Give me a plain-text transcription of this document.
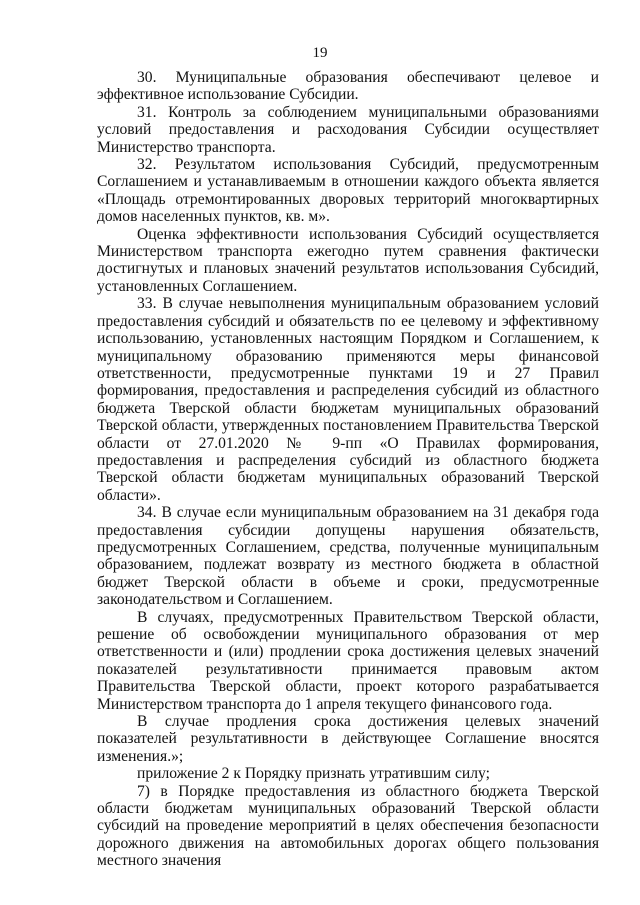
19

30. Муниципальные образования обеспечивают целевое и эффективное использование Субсидии.

31. Контроль за соблюдением муниципальными образованиями условий предоставления и расходования Субсидии осуществляет Министерство транспорта.

32. Результатом использования Субсидий, предусмотренным Соглашением и устанавливаемым в отношении каждого объекта является «Площадь отремонтированных дворовых территорий многоквартирных домов населенных пунктов, кв. м».

Оценка эффективности использования Субсидий осуществляется Министерством транспорта ежегодно путем сравнения фактически достигнутых и плановых значений результатов использования Субсидий, установленных Соглашением.

33. В случае невыполнения муниципальным образованием условий предоставления субсидий и обязательств по ее целевому и эффективному использованию, установленных настоящим Порядком и Соглашением, к муниципальному образованию применяются меры финансовой ответственности, предусмотренные пунктами 19 и 27 Правил формирования, предоставления и распределения субсидий из областного бюджета Тверской области бюджетам муниципальных образований Тверской области, утвержденных постановлением Правительства Тверской области от 27.01.2020 № 9-пп «О Правилах формирования, предоставления и распределения субсидий из областного бюджета Тверской области бюджетам муниципальных образований Тверской области».

34. В случае если муниципальным образованием на 31 декабря года предоставления субсидии допущены нарушения обязательств, предусмотренных Соглашением, средства, полученные муниципальным образованием, подлежат возврату из местного бюджета в областной бюджет Тверской области в объеме и сроки, предусмотренные законодательством и Соглашением.

В случаях, предусмотренных Правительством Тверской области, решение об освобождении муниципального образования от мер ответственности и (или) продлении срока достижения целевых значений показателей результативности принимается правовым актом Правительства Тверской области, проект которого разрабатывается Министерством транспорта до 1 апреля текущего финансового года.

В случае продления срока достижения целевых значений показателей результативности в действующее Соглашение вносятся изменения.»;

приложение 2 к Порядку признать утратившим силу;

7) в Порядке предоставления из областного бюджета Тверской области бюджетам муниципальных образований Тверской области субсидий на проведение мероприятий в целях обеспечения безопасности дорожного движения на автомобильных дорогах общего пользования местного значения
